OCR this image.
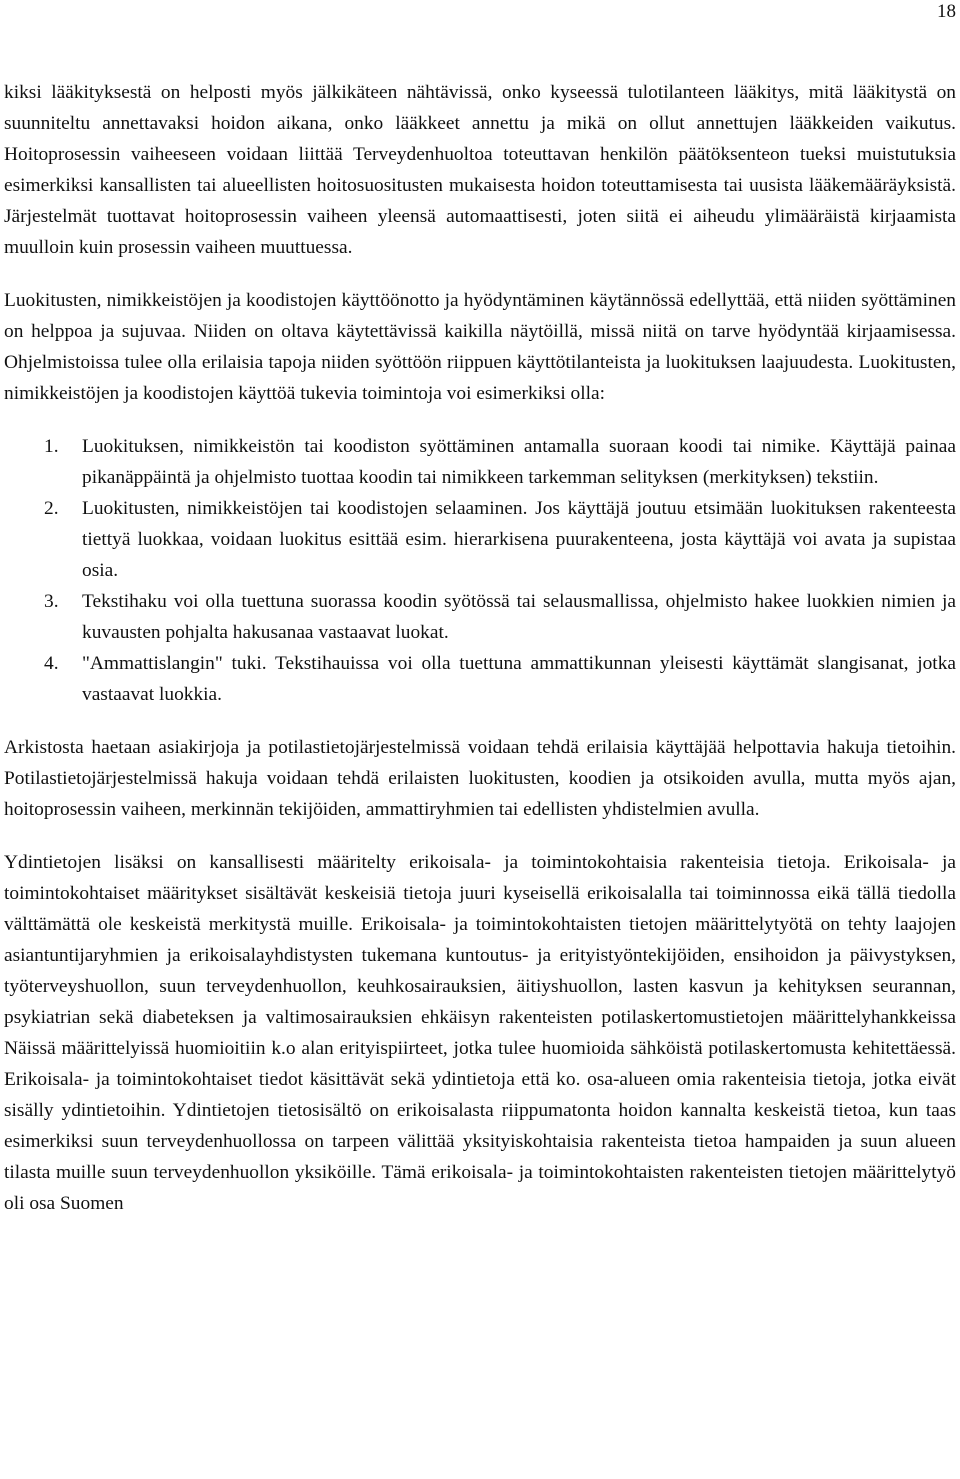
18

kiksi lääkityksestä on helposti myös jälkikäteen nähtävissä, onko kyseessä tulotilanteen lääkitys, mitä lääkitystä on suunniteltu annettavaksi hoidon aikana, onko lääkkeet annettu ja mikä on ollut annettujen lääkkeiden vaikutus. Hoitoprosessin vaiheeseen voidaan liittää Terveydenhuoltoa toteuttavan henkilön päätöksenteon tueksi muistutuksia esimerkiksi kansallisten tai alueellisten hoitosuositusten mukaisesta hoidon toteuttamisesta tai uusista lääkemääräyksistä. Järjestelmät tuottavat hoitoprosessin vaiheen yleensä automaattisesti, joten siitä ei aiheudu ylimääräistä kirjaamista muulloin kuin prosessin vaiheen muuttuessa.

Luokitusten, nimikkeistöjen ja koodistojen käyttöönotto ja hyödyntäminen käytännössä edellyttää, että niiden syöttäminen on helppoa ja sujuvaa. Niiden on oltava käytettävissä kaikilla näytöillä, missä niitä on tarve hyödyntää kirjaamisessa. Ohjelmistoissa tulee olla erilaisia tapoja niiden syöttöön riippuen käyttötilanteista ja luokituksen laajuudesta. Luokitusten, nimikkeistöjen ja koodistojen käyttöä tukevia toimintoja voi esimerkiksi olla:

1.	Luokituksen, nimikkeistön tai koodiston syöttäminen antamalla suoraan koodi tai nimike. Käyttäjä painaa pikanäppäintä ja ohjelmisto tuottaa koodin tai nimikkeen tarkemman selityksen (merkityksen) tekstiin.
2.	Luokitusten, nimikkeistöjen tai koodistojen selaaminen. Jos käyttäjä joutuu etsimään luokituksen rakenteesta tiettyä luokkaa, voidaan luokitus esittää esim. hierarkisena puurakenteena, josta käyttäjä voi avata ja supistaa osia.
3.	Tekstihaku voi olla tuettuna suorassa koodin syötössä tai selausmallissa, ohjelmisto hakee luokkien nimien ja kuvausten pohjalta hakusanaa vastaavat luokat.
4.	"Ammattislangin" tuki. Tekstihauissa voi olla tuettuna ammattikunnan yleisesti käyttämät slangisanat, jotka vastaavat luokkia.

Arkistosta haetaan asiakirjoja ja potilastietojärjestelmissä voidaan tehdä erilaisia käyttäjää helpottavia hakuja tietoihin. Potilastietojärjestelmissä hakuja voidaan tehdä erilaisten luokitusten, koodien ja otsikoiden avulla, mutta myös ajan, hoitoprosessin vaiheen, merkinnän tekijöiden, ammattiryhmien tai edellisten yhdistelmien avulla.

Ydintietojen lisäksi on kansallisesti määritelty erikoisala- ja toimintokohtaisia rakenteisia tietoja. Erikoisala- ja toimintokohtaiset määritykset sisältävät keskeisiä tietoja juuri kyseisellä erikoisalalla tai toiminnossa eikä tällä tiedolla välttämättä ole keskeistä merkitystä muille. Erikoisala- ja toimintokohtaisten tietojen määrittelytyötä on tehty laajojen asiantuntijaryhmien ja erikoisalayhdistysten tukemana kuntoutus- ja erityistyöntekijöiden, ensihoidon ja päivystyksen, työterveyshuollon, suun terveydenhuollon, keuhkosairauksien, äitiyshuollon, lasten kasvun ja kehityksen seurannan, psykiatrian sekä diabeteksen ja valtimosairauksien ehkäisyn rakenteisten potilaskertomustietojen määrittelyhankkeissa Näissä määrittelyissä huomioitiin k.o alan erityispiirteet, jotka tulee huomioida sähköistä potilaskertomusta kehitettäessä. Erikoisala- ja toimintokohtaiset tiedot käsittävät sekä ydintietoja että ko. osa-alueen omia rakenteisia tietoja, jotka eivät sisälly ydintietoihin. Ydintietojen tietosisältö on erikoisalasta riippumatonta hoidon kannalta keskeistä tietoa, kun taas esimerkiksi suun terveydenhuollossa on tarpeen välittää yksityiskohtaisia rakenteista tietoa hampaiden ja suun alueen tilasta muille suun terveydenhuollon yksiköille. Tämä erikoisala- ja toimintokohtaisten rakenteisten tietojen määrittelytyö oli osa Suomen
